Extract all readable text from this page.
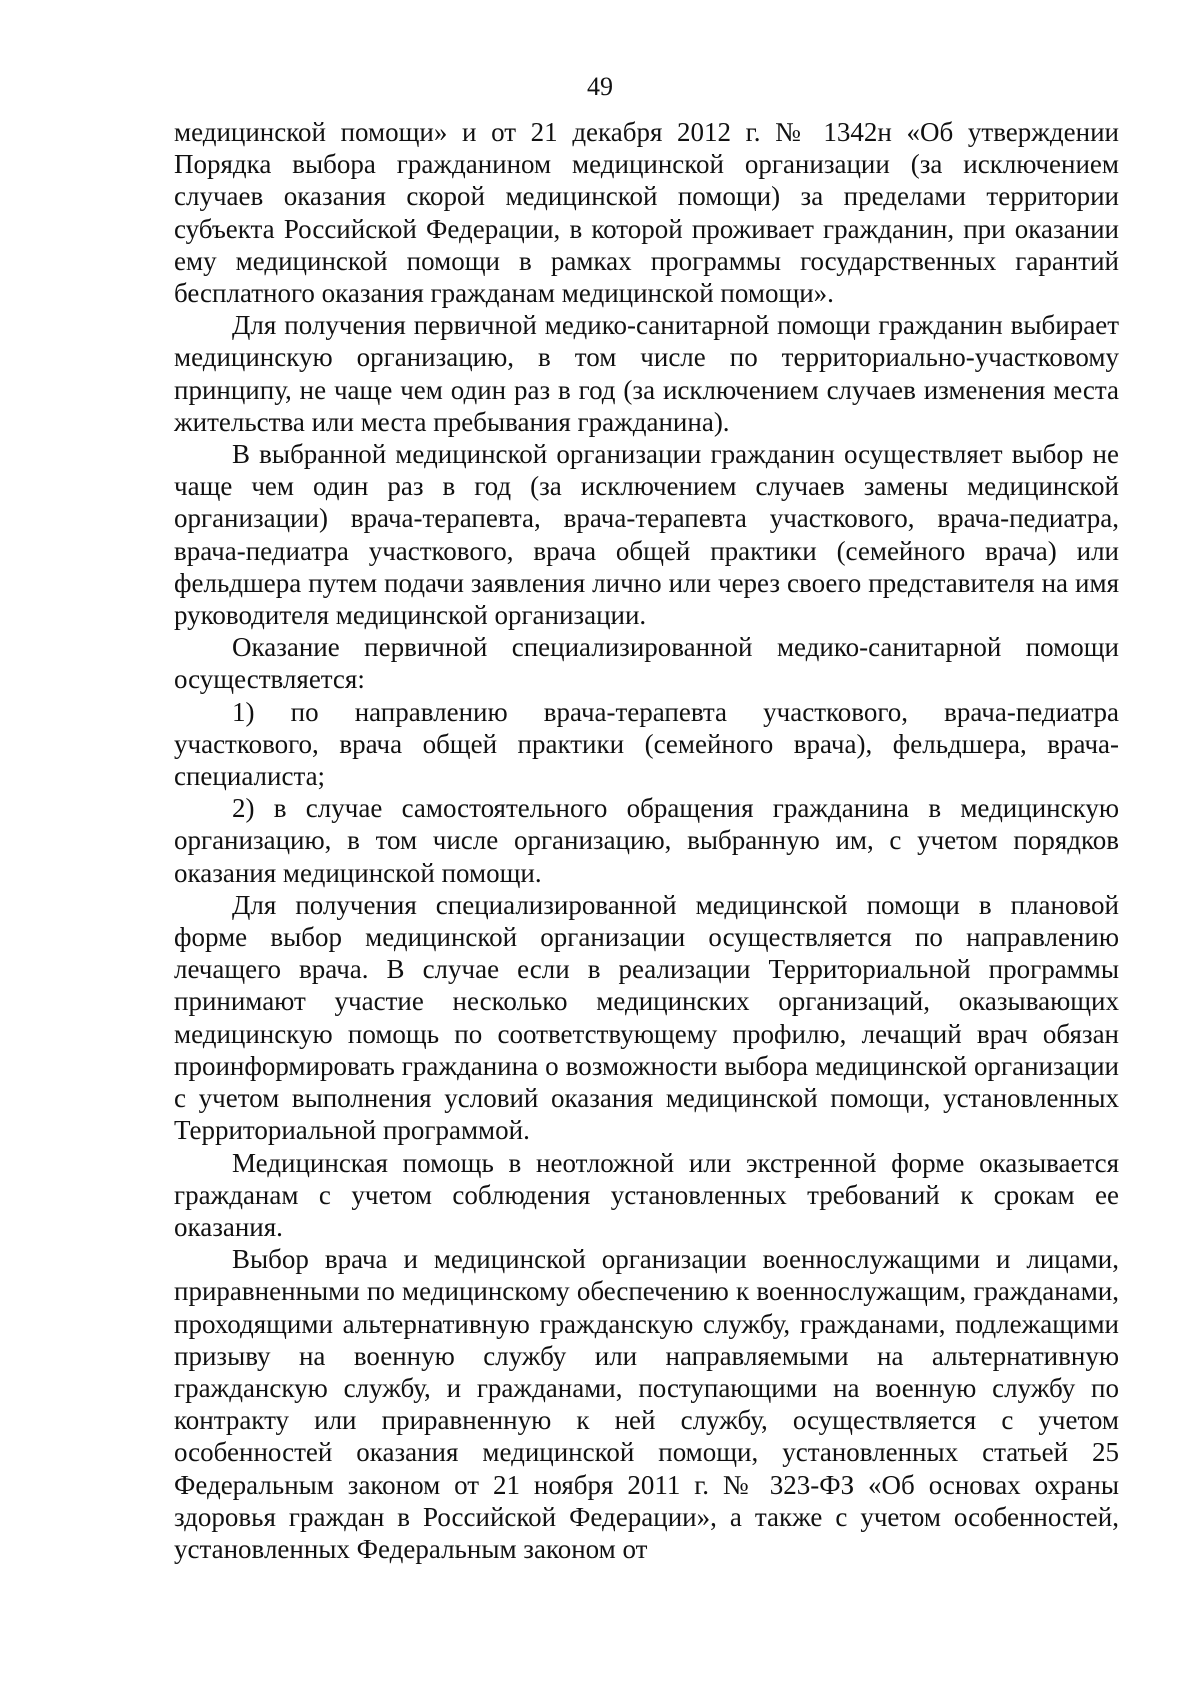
49

медицинской помощи» и от 21 декабря 2012 г. № 1342н «Об утверждении Порядка выбора гражданином медицинской организации (за исключением случаев оказания скорой медицинской помощи) за пределами территории субъекта Российской Федерации, в которой проживает гражданин, при оказании ему медицинской помощи в рамках программы государственных гарантий бесплатного оказания гражданам медицинской помощи».

Для получения первичной медико-санитарной помощи гражданин выбирает медицинскую организацию, в том числе по территориально-участковому принципу, не чаще чем один раз в год (за исключением случаев изменения места жительства или места пребывания гражданина).

В выбранной медицинской организации гражданин осуществляет выбор не чаще чем один раз в год (за исключением случаев замены медицинской организации) врача-терапевта, врача-терапевта участкового, врача-педиатра, врача-педиатра участкового, врача общей практики (семейного врача) или фельдшера путем подачи заявления лично или через своего представителя на имя руководителя медицинской организации.

Оказание первичной специализированной медико-санитарной помощи осуществляется:

1) по направлению врача-терапевта участкового, врача-педиатра участкового, врача общей практики (семейного врача), фельдшера, врача-специалиста;

2) в случае самостоятельного обращения гражданина в медицинскую организацию, в том числе организацию, выбранную им, с учетом порядков оказания медицинской помощи.

Для получения специализированной медицинской помощи в плановой форме выбор медицинской организации осуществляется по направлению лечащего врача. В случае если в реализации Территориальной программы принимают участие несколько медицинских организаций, оказывающих медицинскую помощь по соответствующему профилю, лечащий врач обязан проинформировать гражданина о возможности выбора медицинской организации с учетом выполнения условий оказания медицинской помощи, установленных Территориальной программой.

Медицинская помощь в неотложной или экстренной форме оказывается гражданам с учетом соблюдения установленных требований к срокам ее оказания.

Выбор врача и медицинской организации военнослужащими и лицами, приравненными по медицинскому обеспечению к военнослужащим, гражданами, проходящими альтернативную гражданскую службу, гражданами, подлежащими призыву на военную службу или направляемыми на альтернативную гражданскую службу, и гражданами, поступающими на военную службу по контракту или приравненную к ней службу, осуществляется с учетом особенностей оказания медицинской помощи, установленных статьей 25 Федеральным законом от 21 ноября 2011 г. № 323-ФЗ «Об основах охраны здоровья граждан в Российской Федерации», а также с учетом особенностей, установленных Федеральным законом от
